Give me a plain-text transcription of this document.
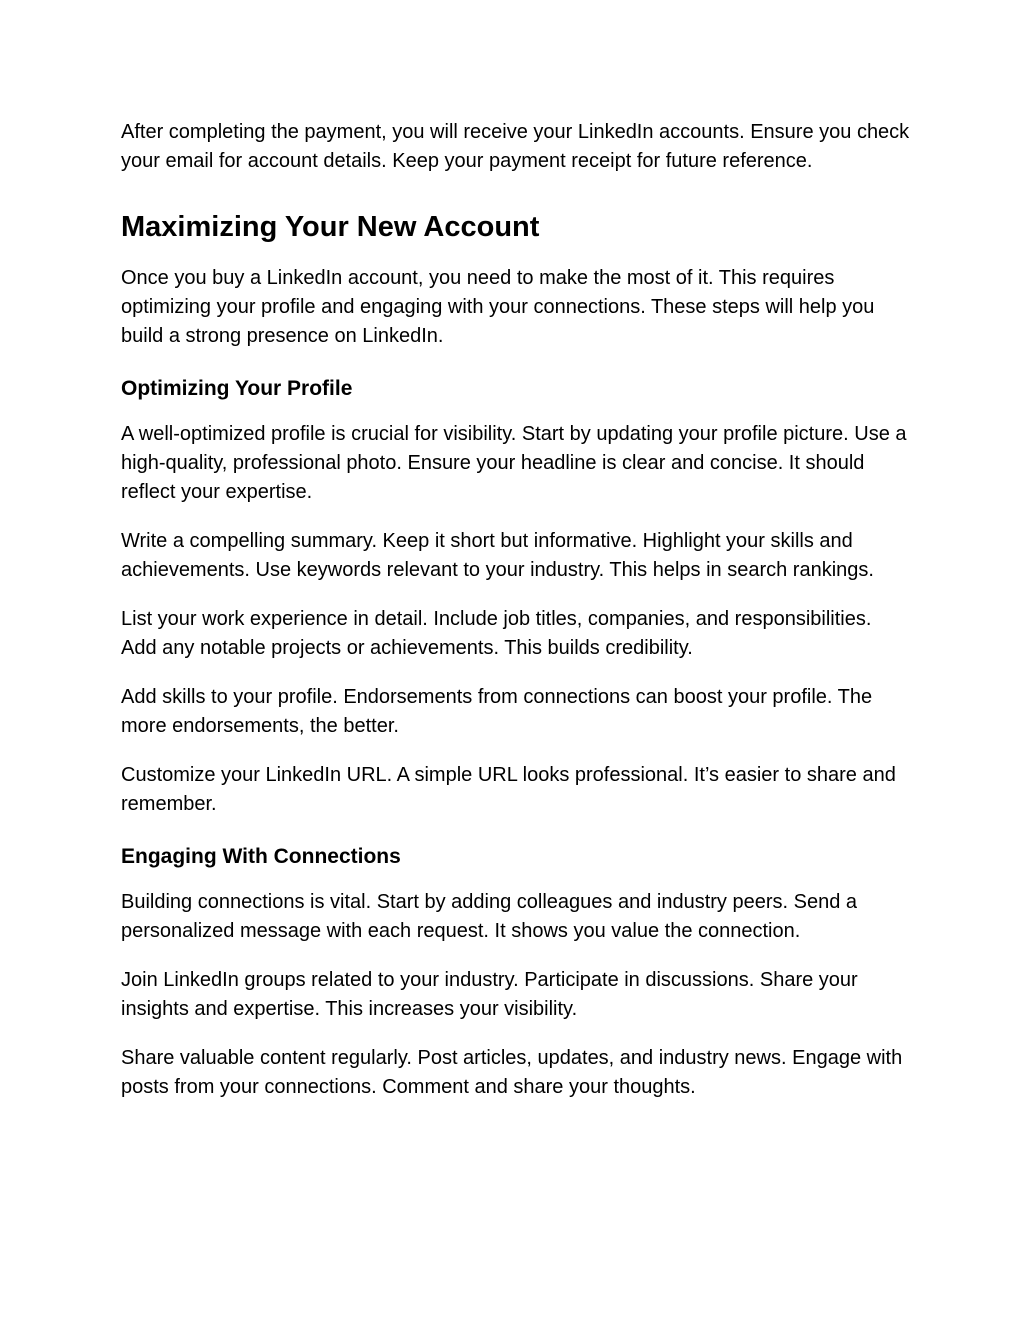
After completing the payment, you will receive your LinkedIn accounts. Ensure you check your email for account details. Keep your payment receipt for future reference.

Maximizing Your New Account

Once you buy a LinkedIn account, you need to make the most of it. This requires optimizing your profile and engaging with your connections. These steps will help you build a strong presence on LinkedIn.

Optimizing Your Profile

A well-optimized profile is crucial for visibility. Start by updating your profile picture. Use a high-quality, professional photo. Ensure your headline is clear and concise. It should reflect your expertise.

Write a compelling summary. Keep it short but informative. Highlight your skills and achievements. Use keywords relevant to your industry. This helps in search rankings.

List your work experience in detail. Include job titles, companies, and responsibilities. Add any notable projects or achievements. This builds credibility.

Add skills to your profile. Endorsements from connections can boost your profile. The more endorsements, the better.

Customize your LinkedIn URL. A simple URL looks professional. It’s easier to share and remember.

Engaging With Connections

Building connections is vital. Start by adding colleagues and industry peers. Send a personalized message with each request. It shows you value the connection.

Join LinkedIn groups related to your industry. Participate in discussions. Share your insights and expertise. This increases your visibility.

Share valuable content regularly. Post articles, updates, and industry news. Engage with posts from your connections. Comment and share your thoughts.
